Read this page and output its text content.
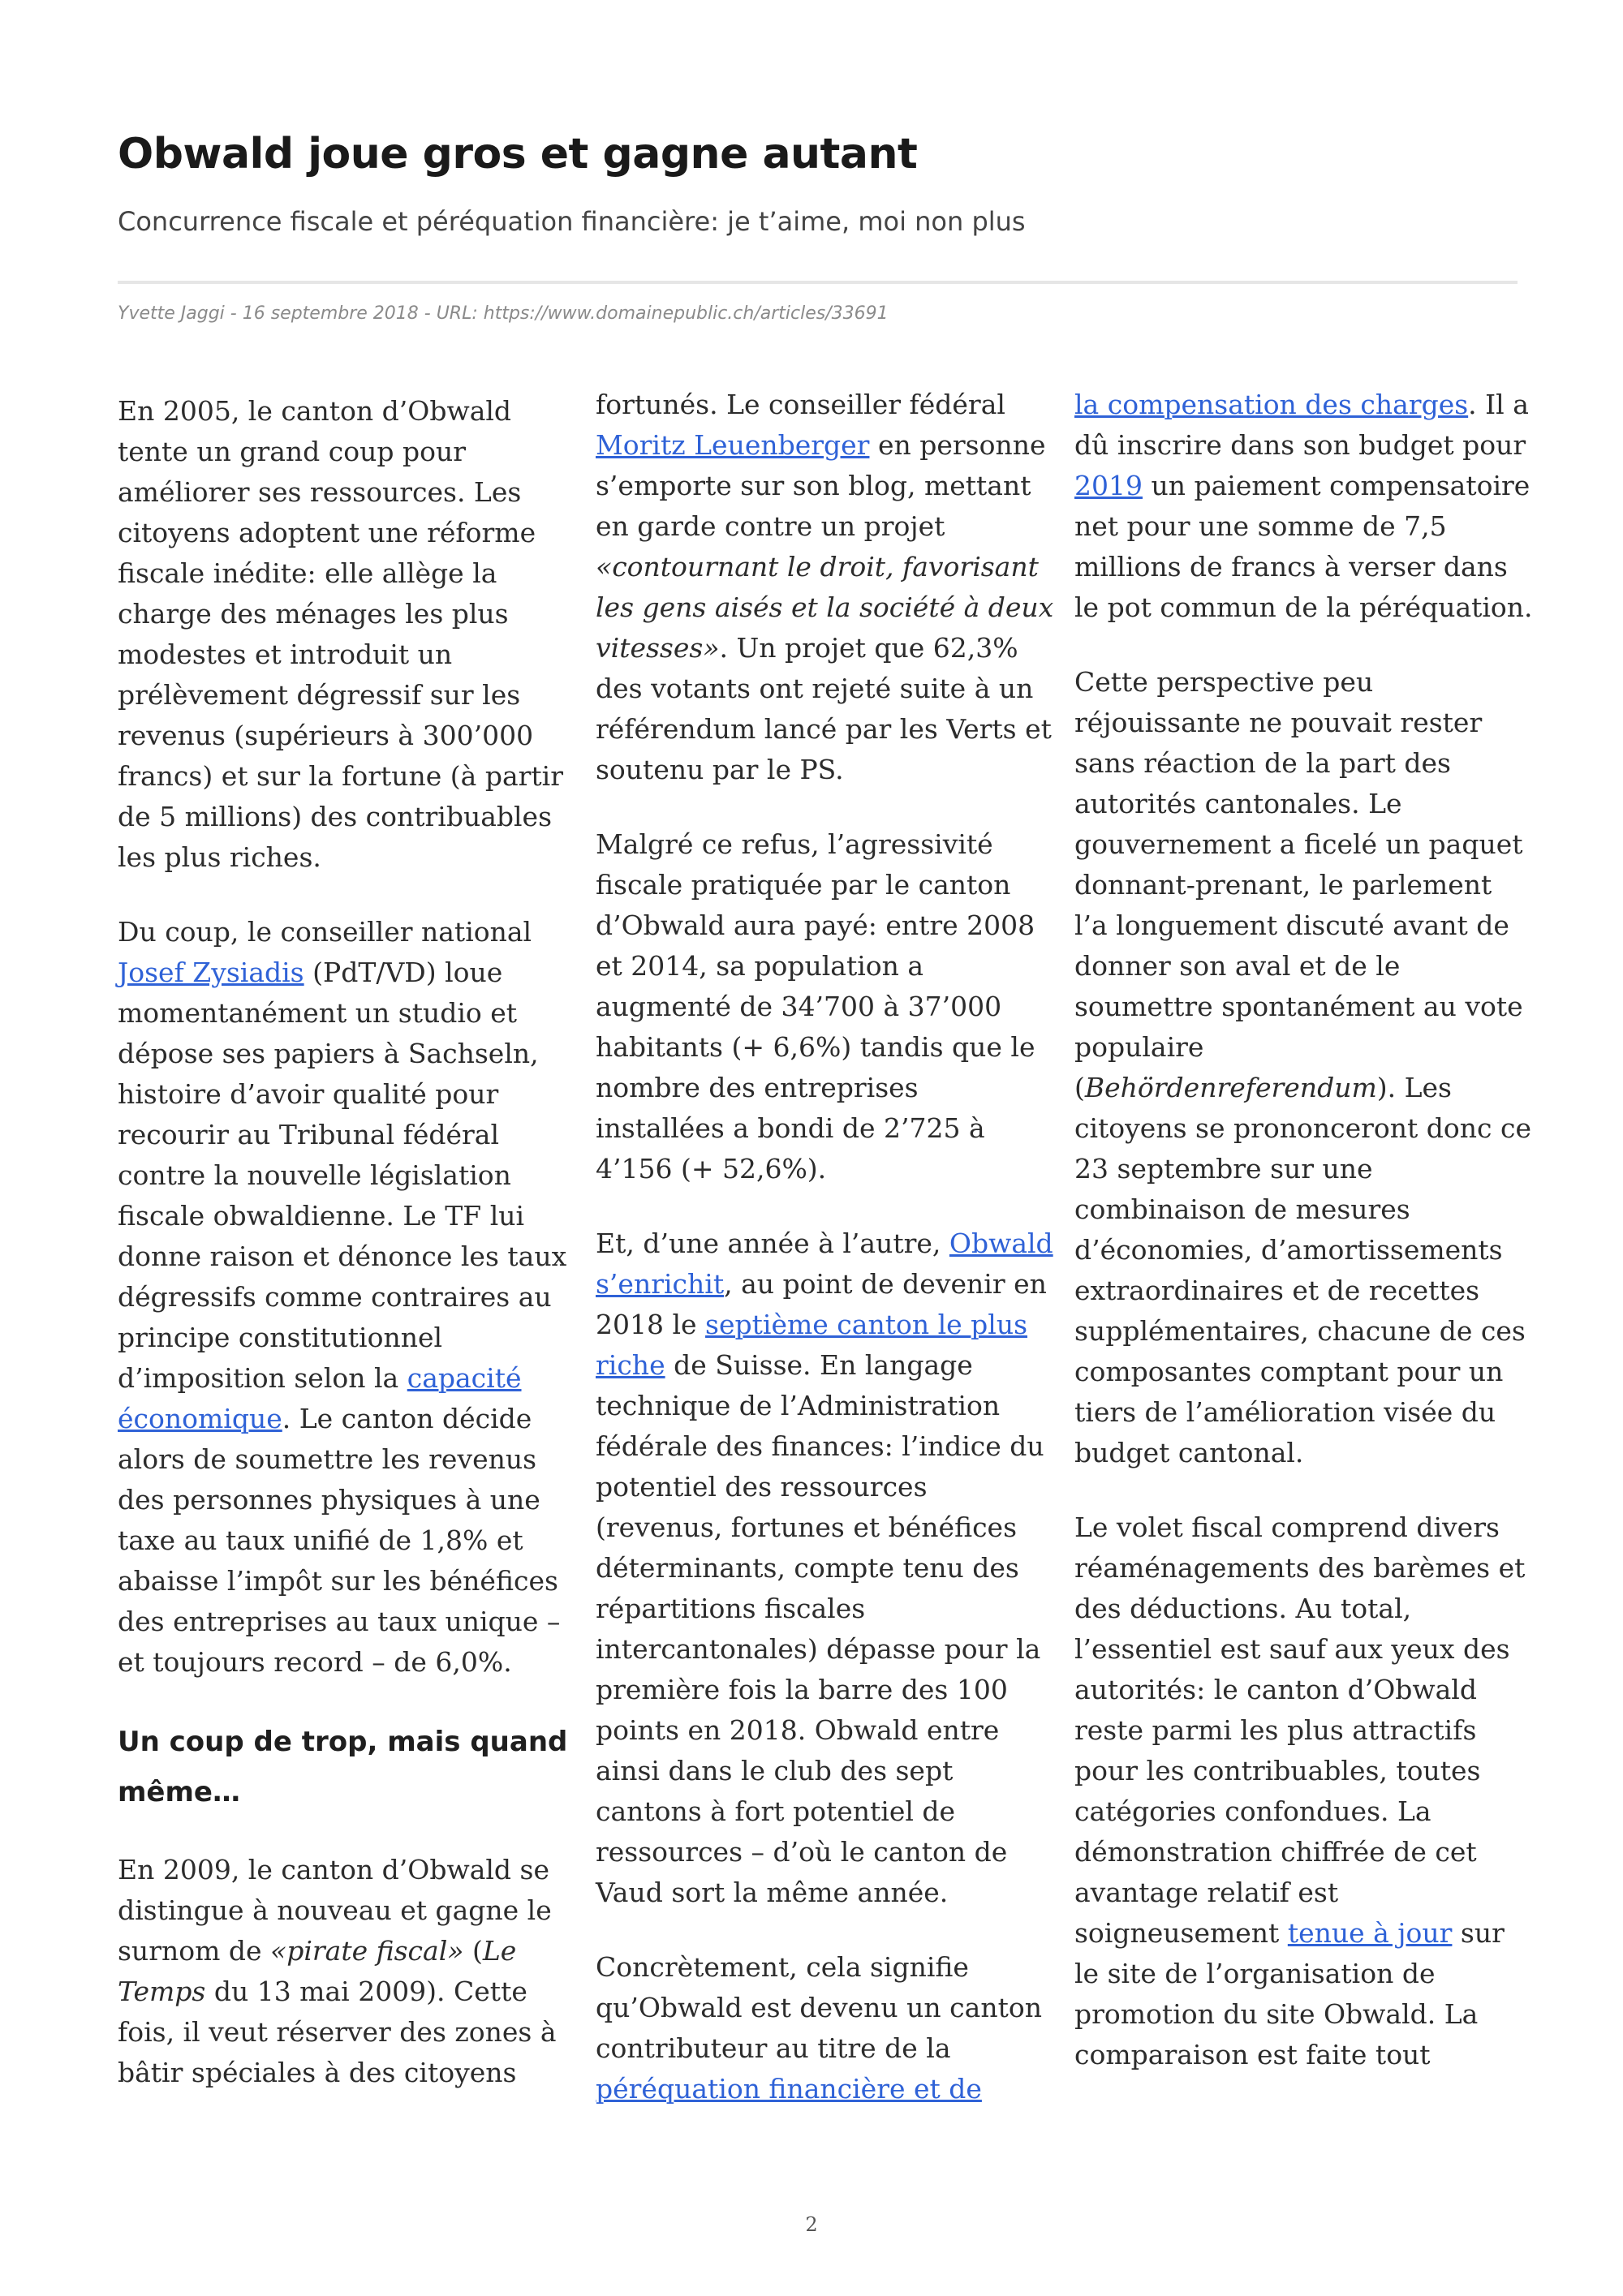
Obwald joue gros et gagne autant

Concurrence fiscale et péréquation financière: je t’aime, moi non plus

Yvette Jaggi - 16 septembre 2018 - URL: https://www.domainepublic.ch/articles/33691

En 2005, le canton d’Obwald tente un grand coup pour améliorer ses ressources. Les citoyens adoptent une réforme fiscale inédite: elle allège la charge des ménages les plus modestes et introduit un prélèvement dégressif sur les revenus (supérieurs à 300’000 francs) et sur la fortune (à partir de 5 millions) des contribuables les plus riches.

Du coup, le conseiller national Josef Zysiadis (PdT/VD) loue momentanément un studio et dépose ses papiers à Sachseln, histoire d’avoir qualité pour recourir au Tribunal fédéral contre la nouvelle législation fiscale obwaldienne. Le TF lui donne raison et dénonce les taux dégressifs comme contraires au principe constitutionnel d’imposition selon la capacité économique. Le canton décide alors de soumettre les revenus des personnes physiques à une taxe au taux unifié de 1,8% et abaisse l’impôt sur les bénéfices des entreprises au taux unique – et toujours record – de 6,0%.

Un coup de trop, mais quand même…

En 2009, le canton d’Obwald se distingue à nouveau et gagne le surnom de «pirate fiscal» (Le Temps du 13 mai 2009). Cette fois, il veut réserver des zones à bâtir spéciales à des citoyens

fortunés. Le conseiller fédéral Moritz Leuenberger en personne s’emporte sur son blog, mettant en garde contre un projet «contournant le droit, favorisant les gens aisés et la société à deux vitesses». Un projet que 62,3% des votants ont rejeté suite à un référendum lancé par les Verts et soutenu par le PS.

Malgré ce refus, l’agressivité fiscale pratiquée par le canton d’Obwald aura payé: entre 2008 et 2014, sa population a augmenté de 34’700 à 37’000 habitants (+ 6,6%) tandis que le nombre des entreprises installées a bondi de 2’725 à 4’156 (+ 52,6%).

Et, d’une année à l’autre, Obwald s’enrichit, au point de devenir en 2018 le septième canton le plus riche de Suisse. En langage technique de l’Administration fédérale des finances: l’indice du potentiel des ressources (revenus, fortunes et bénéfices déterminants, compte tenu des répartitions fiscales intercantonales) dépasse pour la première fois la barre des 100 points en 2018. Obwald entre ainsi dans le club des sept cantons à fort potentiel de ressources – d’où le canton de Vaud sort la même année.

Concrètement, cela signifie qu’Obwald est devenu un canton contributeur au titre de la péréquation financière et de

la compensation des charges. Il a dû inscrire dans son budget pour 2019 un paiement compensatoire net pour une somme de 7,5 millions de francs à verser dans le pot commun de la péréquation.

Cette perspective peu réjouissante ne pouvait rester sans réaction de la part des autorités cantonales. Le gouvernement a ficelé un paquet donnant-prenant, le parlement l’a longuement discuté avant de donner son aval et de le soumettre spontanément au vote populaire (Behördenreferendum). Les citoyens se prononceront donc ce 23 septembre sur une combinaison de mesures d’économies, d’amortissements extraordinaires et de recettes supplémentaires, chacune de ces composantes comptant pour un tiers de l’amélioration visée du budget cantonal.

Le volet fiscal comprend divers réaménagements des barèmes et des déductions. Au total, l’essentiel est sauf aux yeux des autorités: le canton d’Obwald reste parmi les plus attractifs pour les contribuables, toutes catégories confondues. La démonstration chiffrée de cet avantage relatif est soigneusement tenue à jour sur le site de l’organisation de promotion du site Obwald. La comparaison est faite tout

2
